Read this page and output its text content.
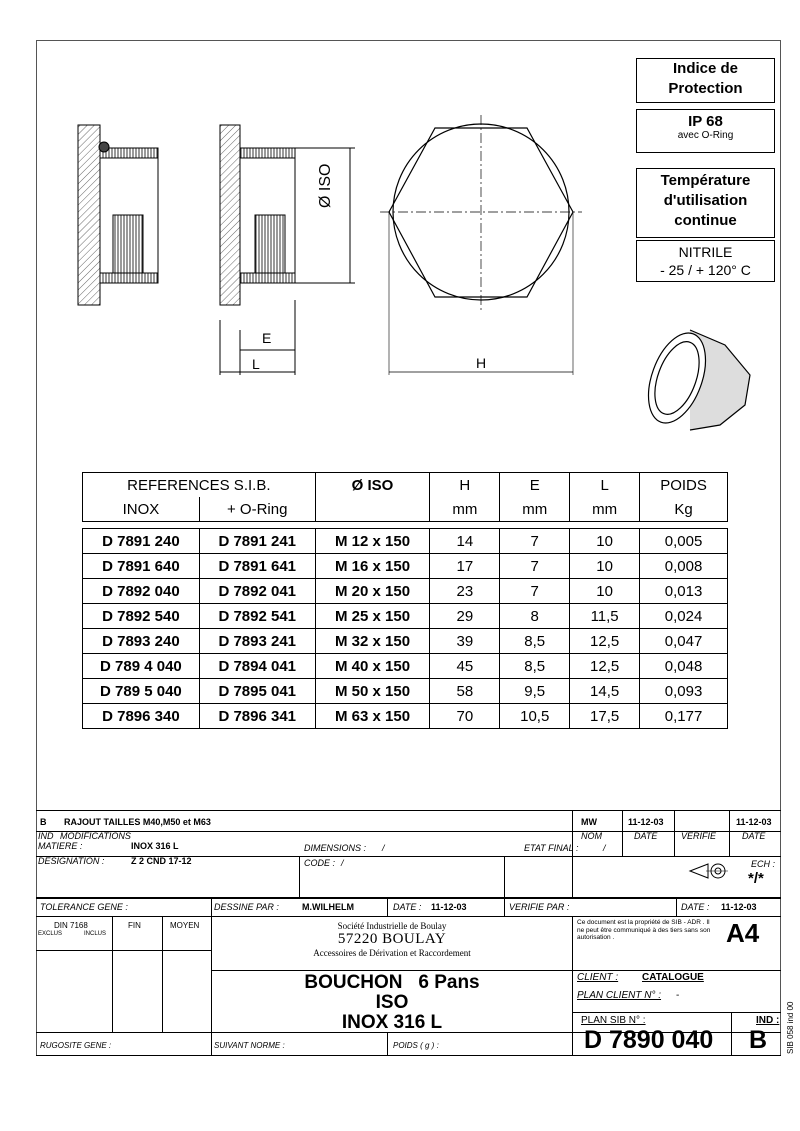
Ø ISO
E
L	H
Indice de
Protection
IP 68
avec O-Ring
Température
d'utilisation
continue
NITRILE
- 25 / + 120° C
REFERENCES S.I.B.		Ø ISO	H	E	L	POIDS
INOX	+ O-Ring		mm	mm	mm	Kg

D 7891 240	D 7891 241	M 12 x 150	14	7	10	0,005
D 7891 640	D 7891 641	M 16 x 150	17	7	10	0,008
D 7892 040	D 7892 041	M 20 x 150	23	7	10	0,013
D 7892 540	D 7892 541	M 25 x 150	29	8	11,5	0,024
D 7893 240	D 7893 241	M 32 x 150	39	8,5	12,5	0,047
D 789 4 040	D 7894 041	M 40 x 150	45	8,5	12,5	0,048
D 789 5 040	D 7895 041	M 50 x 150	58	9,5	14,5	0,093
D 7896 340	D 7896 341	M 63 x 150	70	10,5	17,5	0,177
B RAJOUT TAILLES M40,M50 et M63	MW	11-12-03	11-12-03
IND MODIFICATIONS	NOM	DATE	VERIFIE	DATE
MATIERE :	INOX 316 L
DESIGNATION :	Z 2 CND 17-12
DIMENSIONS : /
CODE : /
ETAT FINAL :	/
ECH :
*/*
TOLERANCE GENE :	DESSINE PAR :	M.WILHELM	DATE : 11-12-03	VERIFIE PAR :	DATE : 11-12-03
DIN 7168
EXCLUS	INCLUS
FIN	MOYEN	Société Industrielle de Boulay
57220 BOULAY
Accessoires de Dérivation et Raccordement
Ce document est la propriété de SIB - ADR . Il ne peut être communiqué à des tiers sans son autorisation .	A4
CLIENT : CATALOGUE
PLAN CLIENT N° : -
BOUCHON   6 Pans
ISO
INOX 316 L	PLAN SIB N° :	IND :
D 7890 040 B
RUGOSITE GENE :	SUIVANT NORME :	POIDS ( g ) :	SIB 058 ind 00
